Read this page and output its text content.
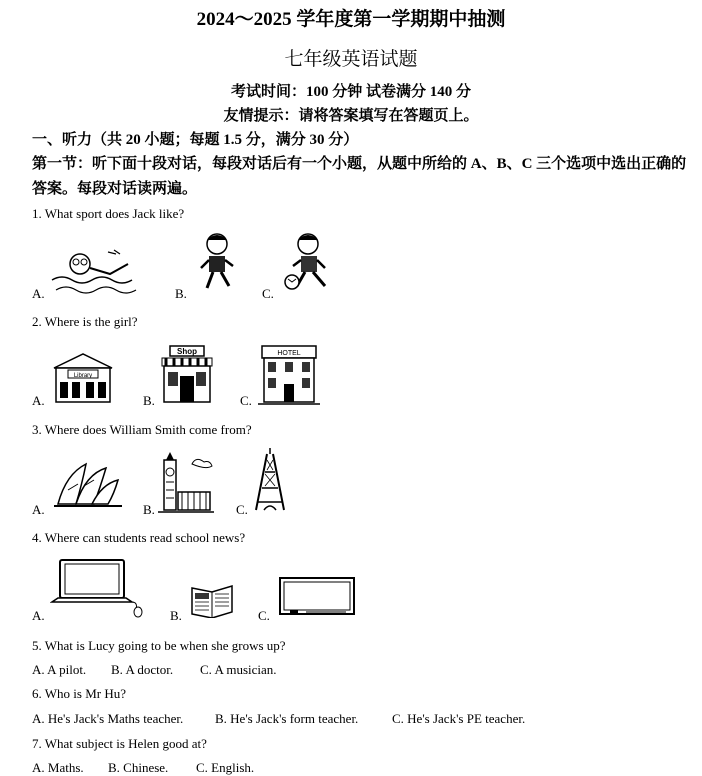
2024～2025 学年度第一学期期中抽测
七年级英语试题
考试时间：100 分钟 试卷满分 140 分
友情提示：请将答案填写在答题页上。
一、听力（共 20 小题；每题 1.5 分，满分 30 分）
第一节：听下面十段对话，每段对话后有一个小题，从题中所给的 A、B、C 三个选项中选出正确的答案。每段对话读两遍。
1. What sport does Jack like?
A.	B.	C.
2. Where is the girl?
A.
Library
B.
Shop
C.
HOTEL
3. Where does William Smith come from?
A.	B.	C.
4. Where can students read school news?
A.	B.	C.
5. What is Lucy going to be when she grows up?
A. A pilot. B. A doctor. C. A musician.
6. Who is Mr Hu?
A. He's Jack's Maths teacher. B. He's Jack's form teacher.	C. He's Jack's PE teacher.
7. What subject is Helen good at?
A. Maths. B. Chinese. C. English.
